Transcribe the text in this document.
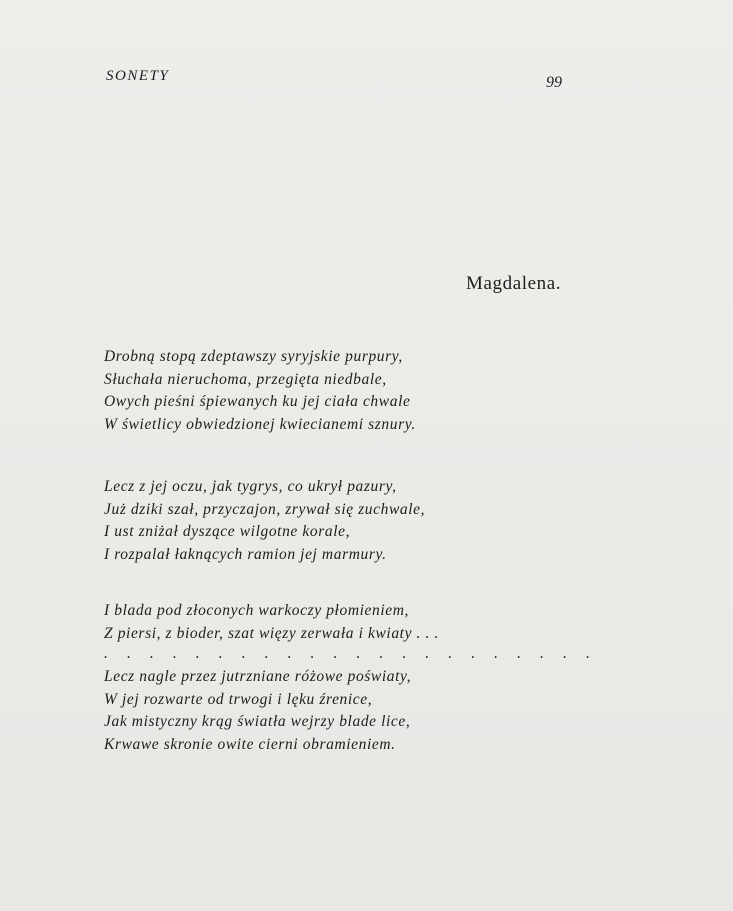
SONETY	99
Magdalena.
Drobną stopą zdeptawszy syryjskie purpury,
Słuchała nieruchoma, przegięta niedbale,
Owych pieśni śpiewanych ku jej ciała chwale
W świetlicy obwiedzionej kwiecianemi sznury.
Lecz z jej oczu, jak tygrys, co ukrył pazury,
Już dziki szał, przyczajon, zrywał się zuchwale,
I ust zniżał dyszące wilgotne korale,
I rozpalał łaknących ramion jej marmury.
I blada pod złoconych warkoczy płomieniem,
Z piersi, z bioder, szat więzy zerwała i kwiaty . . .
. . . . . . . . . . . . . . . . . . . . . .
Lecz nagle przez jutrzniane różowe poświaty,
W jej rozwarte od trwogi i lęku źrenice,
Jak mistyczny krąg światła wejrzy blade lice,
Krwawe skronie owite cierni obramieniem.
